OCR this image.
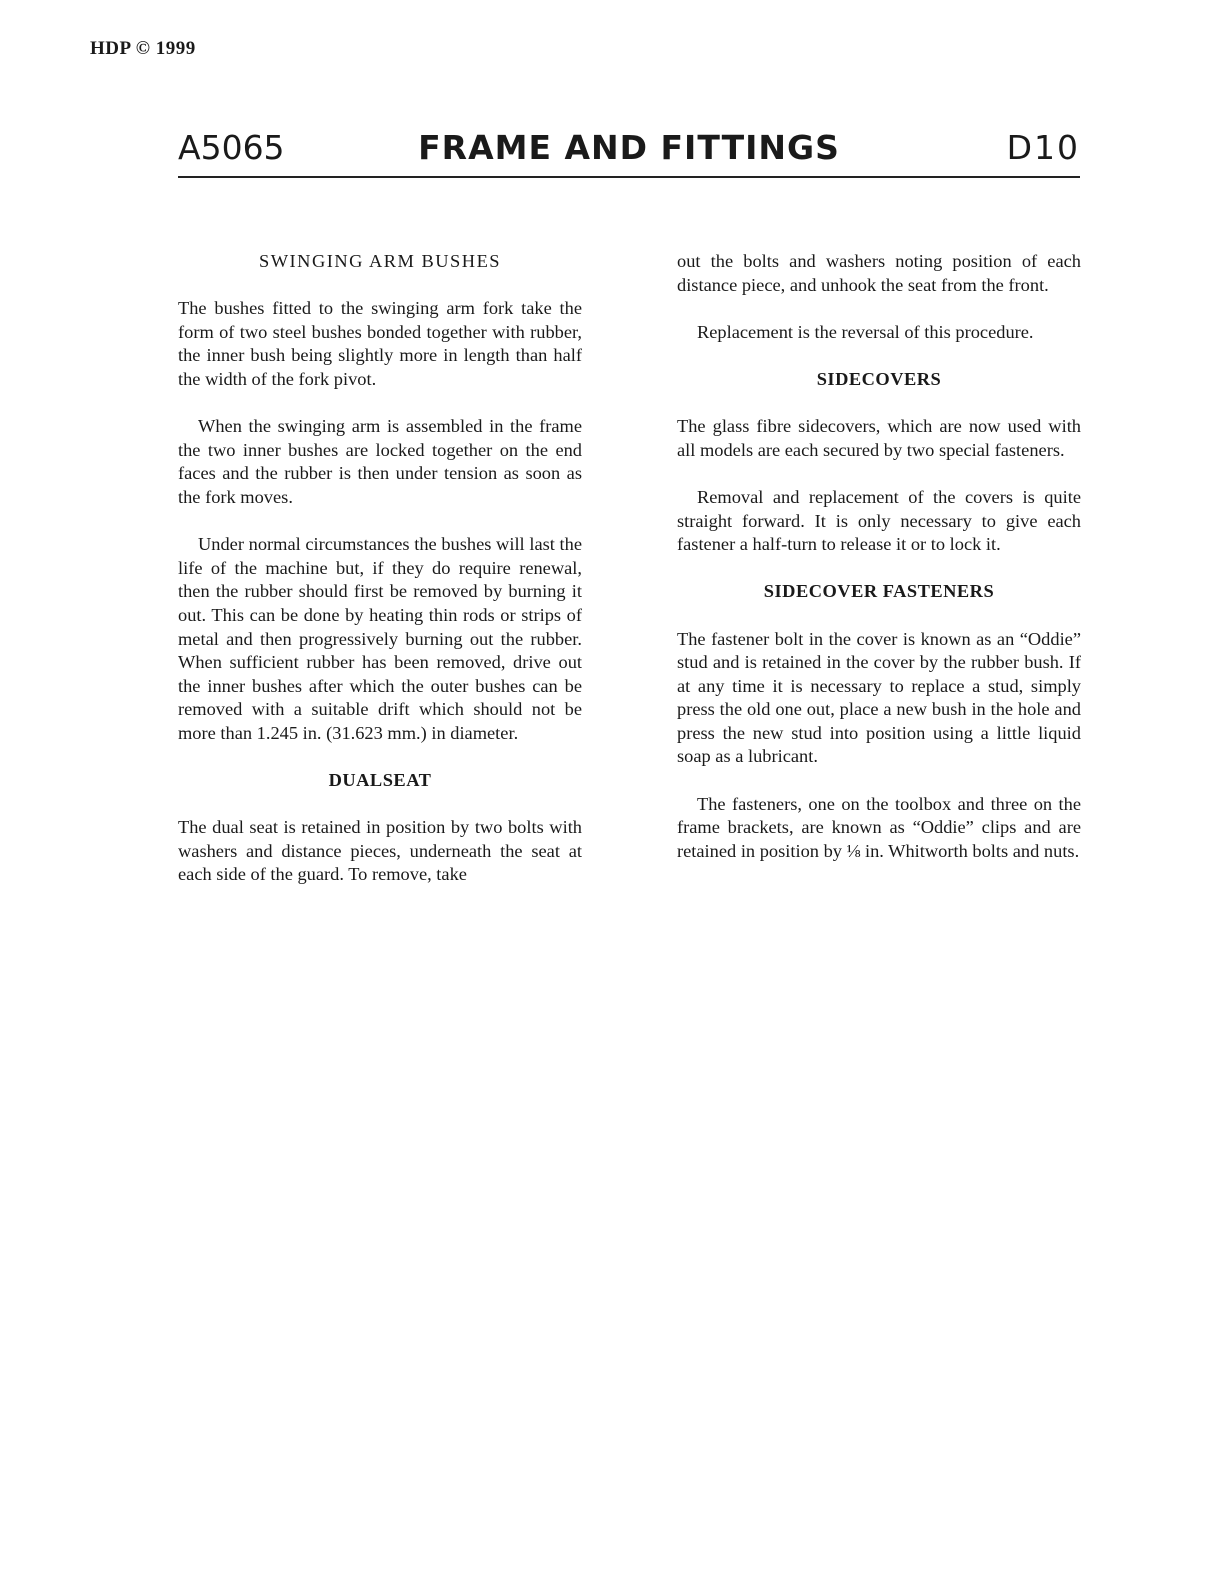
HDP © 1999
A5065	FRAME AND FITTINGS	D10
SWINGING ARM BUSHES

The bushes fitted to the swinging arm fork take the form of two steel bushes bonded together with rubber, the inner bush being slightly more in length than half the width of the fork pivot.

When the swinging arm is assembled in the frame the two inner bushes are locked together on the end faces and the rubber is then under tension as soon as the fork moves.

Under normal circumstances the bushes will last the life of the machine but, if they do require renewal, then the rubber should first be removed by burning it out. This can be done by heating thin rods or strips of metal and then progressively burning out the rubber. When sufficient rubber has been removed, drive out the inner bushes after which the outer bushes can be removed with a suitable drift which should not be more than 1.245 in. (31.623 mm.) in diameter.

DUALSEAT

The dual seat is retained in position by two bolts with washers and distance pieces, underneath the seat at each side of the guard. To remove, take

out the bolts and washers noting position of each distance piece, and unhook the seat from the front.

Replacement is the reversal of this procedure.

SIDECOVERS

The glass fibre sidecovers, which are now used with all models are each secured by two special fasteners.

Removal and replacement of the covers is quite straight forward. It is only necessary to give each fastener a half-turn to release it or to lock it.

SIDECOVER FASTENERS

The fastener bolt in the cover is known as an “Oddie” stud and is retained in the cover by the rubber bush. If at any time it is necessary to replace a stud, simply press the old one out, place a new bush in the hole and press the new stud into position using a little liquid soap as a lubricant.

The fasteners, one on the toolbox and three on the frame brackets, are known as “Oddie” clips and are retained in position by ⅛ in. Whitworth bolts and nuts.
